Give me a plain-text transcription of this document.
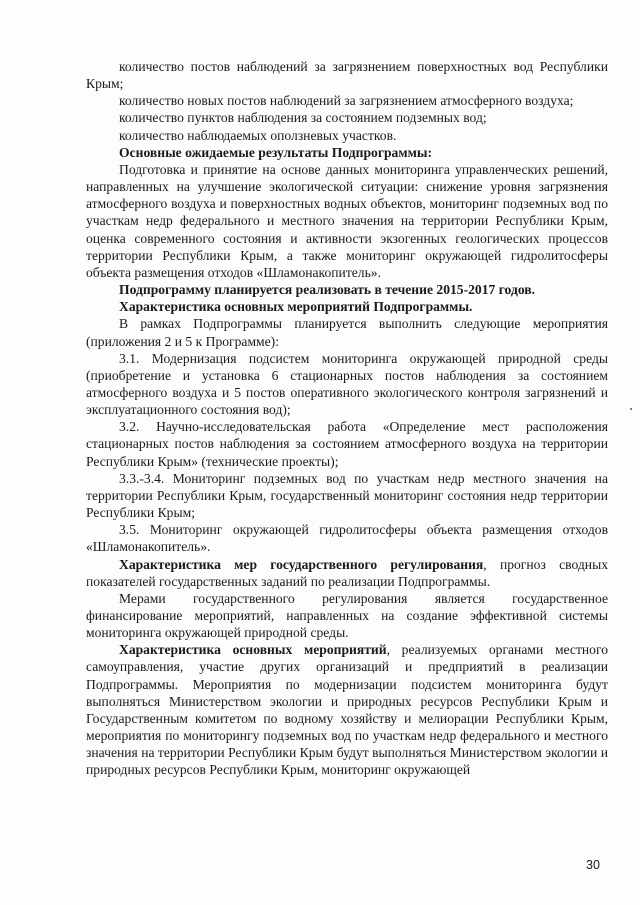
количество постов наблюдений за загрязнением поверхностных вод Республики Крым;

количество новых постов наблюдений за загрязнением атмосферного воздуха;

количество пунктов наблюдения за состоянием подземных вод;

количество наблюдаемых оползневых участков.

Основные ожидаемые результаты Подпрограммы:

Подготовка и принятие на основе данных мониторинга управленческих решений, направленных на улучшение экологической ситуации: снижение уровня загрязнения атмосферного воздуха и поверхностных водных объектов, мониторинг подземных вод по участкам недр федерального и местного значения на территории Республики Крым, оценка современного состояния и активности экзогенных геологических процессов территории Республики Крым, а также мониторинг окружающей гидролитосферы объекта размещения отходов «Шламонакопитель».

Подпрограмму планируется реализовать в течение 2015-2017 годов.

Характеристика основных мероприятий Подпрограммы.

В рамках Подпрограммы планируется выполнить следующие мероприятия (приложения 2 и 5 к Программе):

3.1. Модернизация подсистем мониторинга окружающей природной среды (приобретение и установка 6 стационарных постов наблюдения за состоянием атмосферного воздуха и 5 постов оперативного экологического контроля загрязнений и эксплуатационного состояния вод);

3.2. Научно-исследовательская работа «Определение мест расположения стационарных постов наблюдения за состоянием атмосферного воздуха на территории Республики Крым» (технические проекты);

3.3.-3.4. Мониторинг подземных вод по участкам недр местного значения на территории Республики Крым, государственный мониторинг состояния недр территории Республики Крым;

3.5. Мониторинг окружающей гидролитосферы объекта размещения отходов «Шламонакопитель».

Характеристика мер государственного регулирования, прогноз сводных показателей государственных заданий по реализации Подпрограммы.

Мерами государственного регулирования является государственное финансирование мероприятий, направленных на создание эффективной системы мониторинга окружающей природной среды.

Характеристика основных мероприятий, реализуемых органами местного самоуправления, участие других организаций и предприятий в реализации Подпрограммы. Мероприятия по модернизации подсистем мониторинга будут выполняться Министерством экологии и природных ресурсов Республики Крым и Государственным комитетом по водному хозяйству и мелиорации Республики Крым, мероприятия по мониторингу подземных вод по участкам недр федерального и местного значения на территории Республики Крым будут выполняться Министерством экологии и природных ресурсов Республики Крым, мониторинг окружающей

30
